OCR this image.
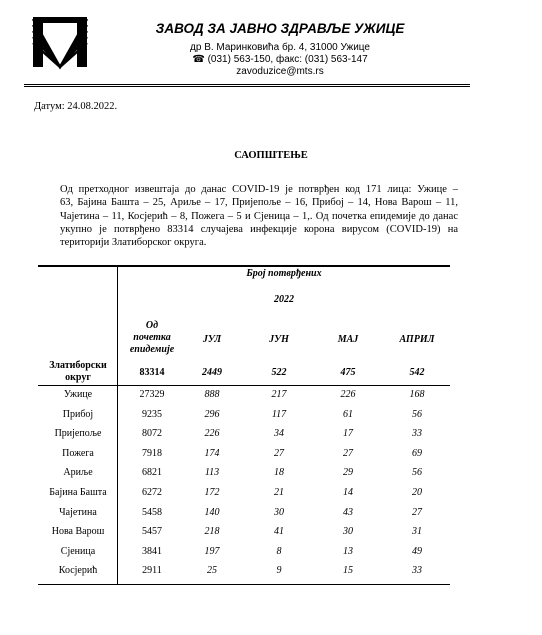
ЗАВОД ЗА ЈАВНО ЗДРАВЉЕ УЖИЦЕ
др В. Маринковића бр. 4, 31000 Ужице
☎ (031) 563-150, факс: (031) 563-147
zavoduzice@mts.rs
Датум: 24.08.2022.
САОПШТЕЊЕ
Од претходног извештаја до данас COVID-19 је потврђен код 171 лица: Ужице –
63, Бајина Башта – 25, Ариље – 17, Пријепоље – 16, Прибој – 14, Нова Варош – 11,
Чајетина – 11, Косјерић – 8, Пожега – 5 и Сјеница – 1,. Од почетка епидемије до данас
укупно је потврђено 83314 случајева инфекције корона вирусом (COVID-19) на
територији Златиборског округа.
Број потврђених
2022
Од
почетка
епидемије
ЈУЛ	ЈУН	МАЈ	АПРИЛ
Златиборски
округ	83314	2449	522	475	542
Ужице	27329	888	217	226	168
Прибој	9235	296	117	61	56
Пријепоље	8072	226	34	17	33
Пожега	7918	174	27	27	69
Ариље	6821	113	18	29	56
Бајина Башта	6272	172	21	14	20
Чајетина	5458	140	30	43	27
Нова Варош	5457	218	41	30	31
Сјеница	3841	197	8	13	49
Косјерић	2911	25	9	15	33
